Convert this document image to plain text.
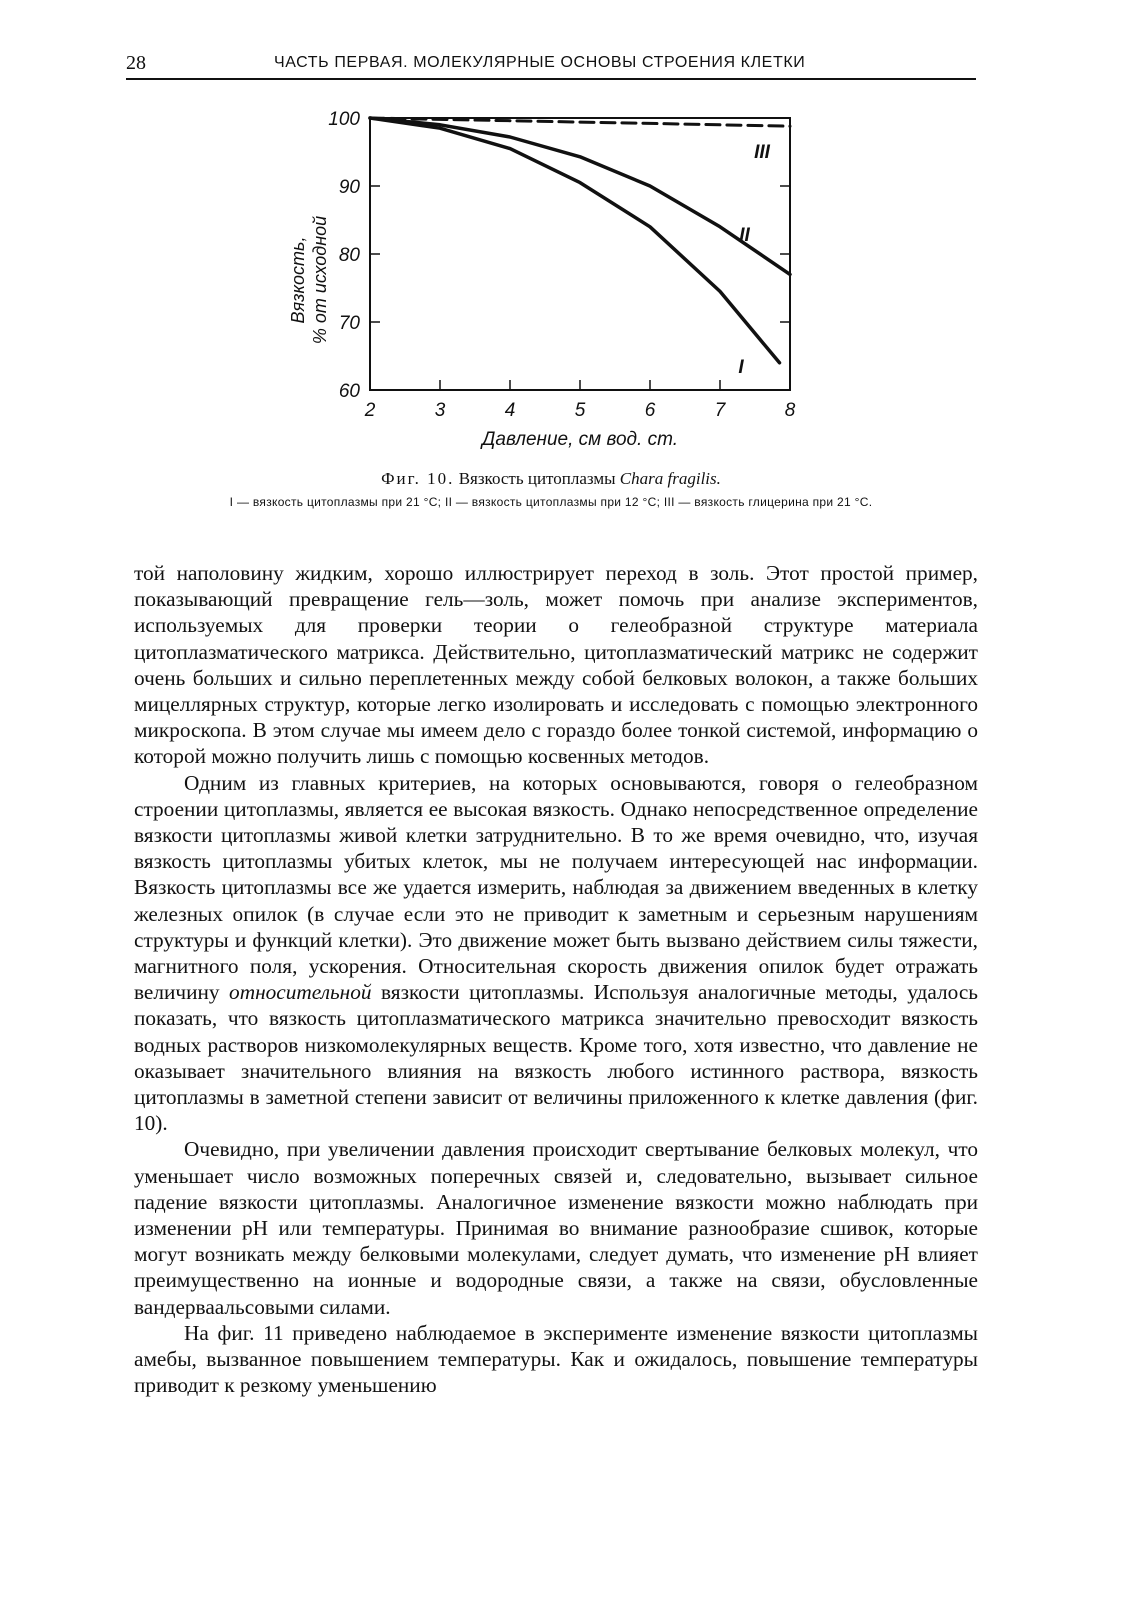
28	ЧАСТЬ ПЕРВАЯ. МОЛЕКУЛЯРНЫЕ ОСНОВЫ СТРОЕНИЯ КЛЕТКИ
Вязкость, % от исходной
2	3	4	5	6	7	8
100
90
80
70
60
I
II
III
Давление, см вод. ст.
Фиг. 10. Вязкость цитоплазмы Chara fragilis.
I — вязкость цитоплазмы при 21 °С; II — вязкость цитоплазмы при 12 °С; III — вязкость глицерина при 21 °С.

той наполовину жидким, хорошо иллюстрирует переход в золь. Этот простой пример, показывающий превращение гель—золь, может помочь при анализе экспериментов, используемых для проверки теории о гелеобразной структуре материала цитоплазматического матрикса. Действительно, цитоплазматический матрикс не содержит очень больших и сильно переплетенных между собой белковых волокон, а также больших мицеллярных структур, которые легко изолировать и исследовать с помощью электронного микроскопа. В этом случае мы имеем дело с гораздо более тонкой системой, информацию о которой можно получить лишь с помощью косвенных методов.

Одним из главных критериев, на которых основываются, говоря о гелеобразном строении цитоплазмы, является ее высокая вязкость. Однако непосредственное определение вязкости цитоплазмы живой клетки затруднительно. В то же время очевидно, что, изучая вязкость цитоплазмы убитых клеток, мы не получаем интересующей нас информации. Вязкость цитоплазмы все же удается измерить, наблюдая за движением введенных в клетку железных опилок (в случае если это не приводит к заметным и серьезным нарушениям структуры и функций клетки). Это движение может быть вызвано действием силы тяжести, магнитного поля, ускорения. Относительная скорость движения опилок будет отражать величину относительной вязкости цитоплазмы. Используя аналогичные методы, удалось показать, что вязкость цитоплазматического матрикса значительно превосходит вязкость водных растворов низкомолекулярных веществ. Кроме того, хотя известно, что давление не оказывает значительного влияния на вязкость любого истинного раствора, вязкость цитоплазмы в заметной степени зависит от величины приложенного к клетке давления (фиг. 10).

Очевидно, при увеличении давления происходит свертывание белковых молекул, что уменьшает число возможных поперечных связей и, следовательно, вызывает сильное падение вязкости цитоплазмы. Аналогичное изменение вязкости можно наблюдать при изменении pH или температуры. Принимая во внимание разнообразие сшивок, которые могут возникать между белковыми молекулами, следует думать, что изменение pH влияет преимущественно на ионные и водородные связи, а также на связи, обусловленные вандерваальсовыми силами.

На фиг. 11 приведено наблюдаемое в эксперименте изменение вязкости цитоплазмы амебы, вызванное повышением температуры. Как и ожидалось, повышение температуры приводит к резкому уменьшению
